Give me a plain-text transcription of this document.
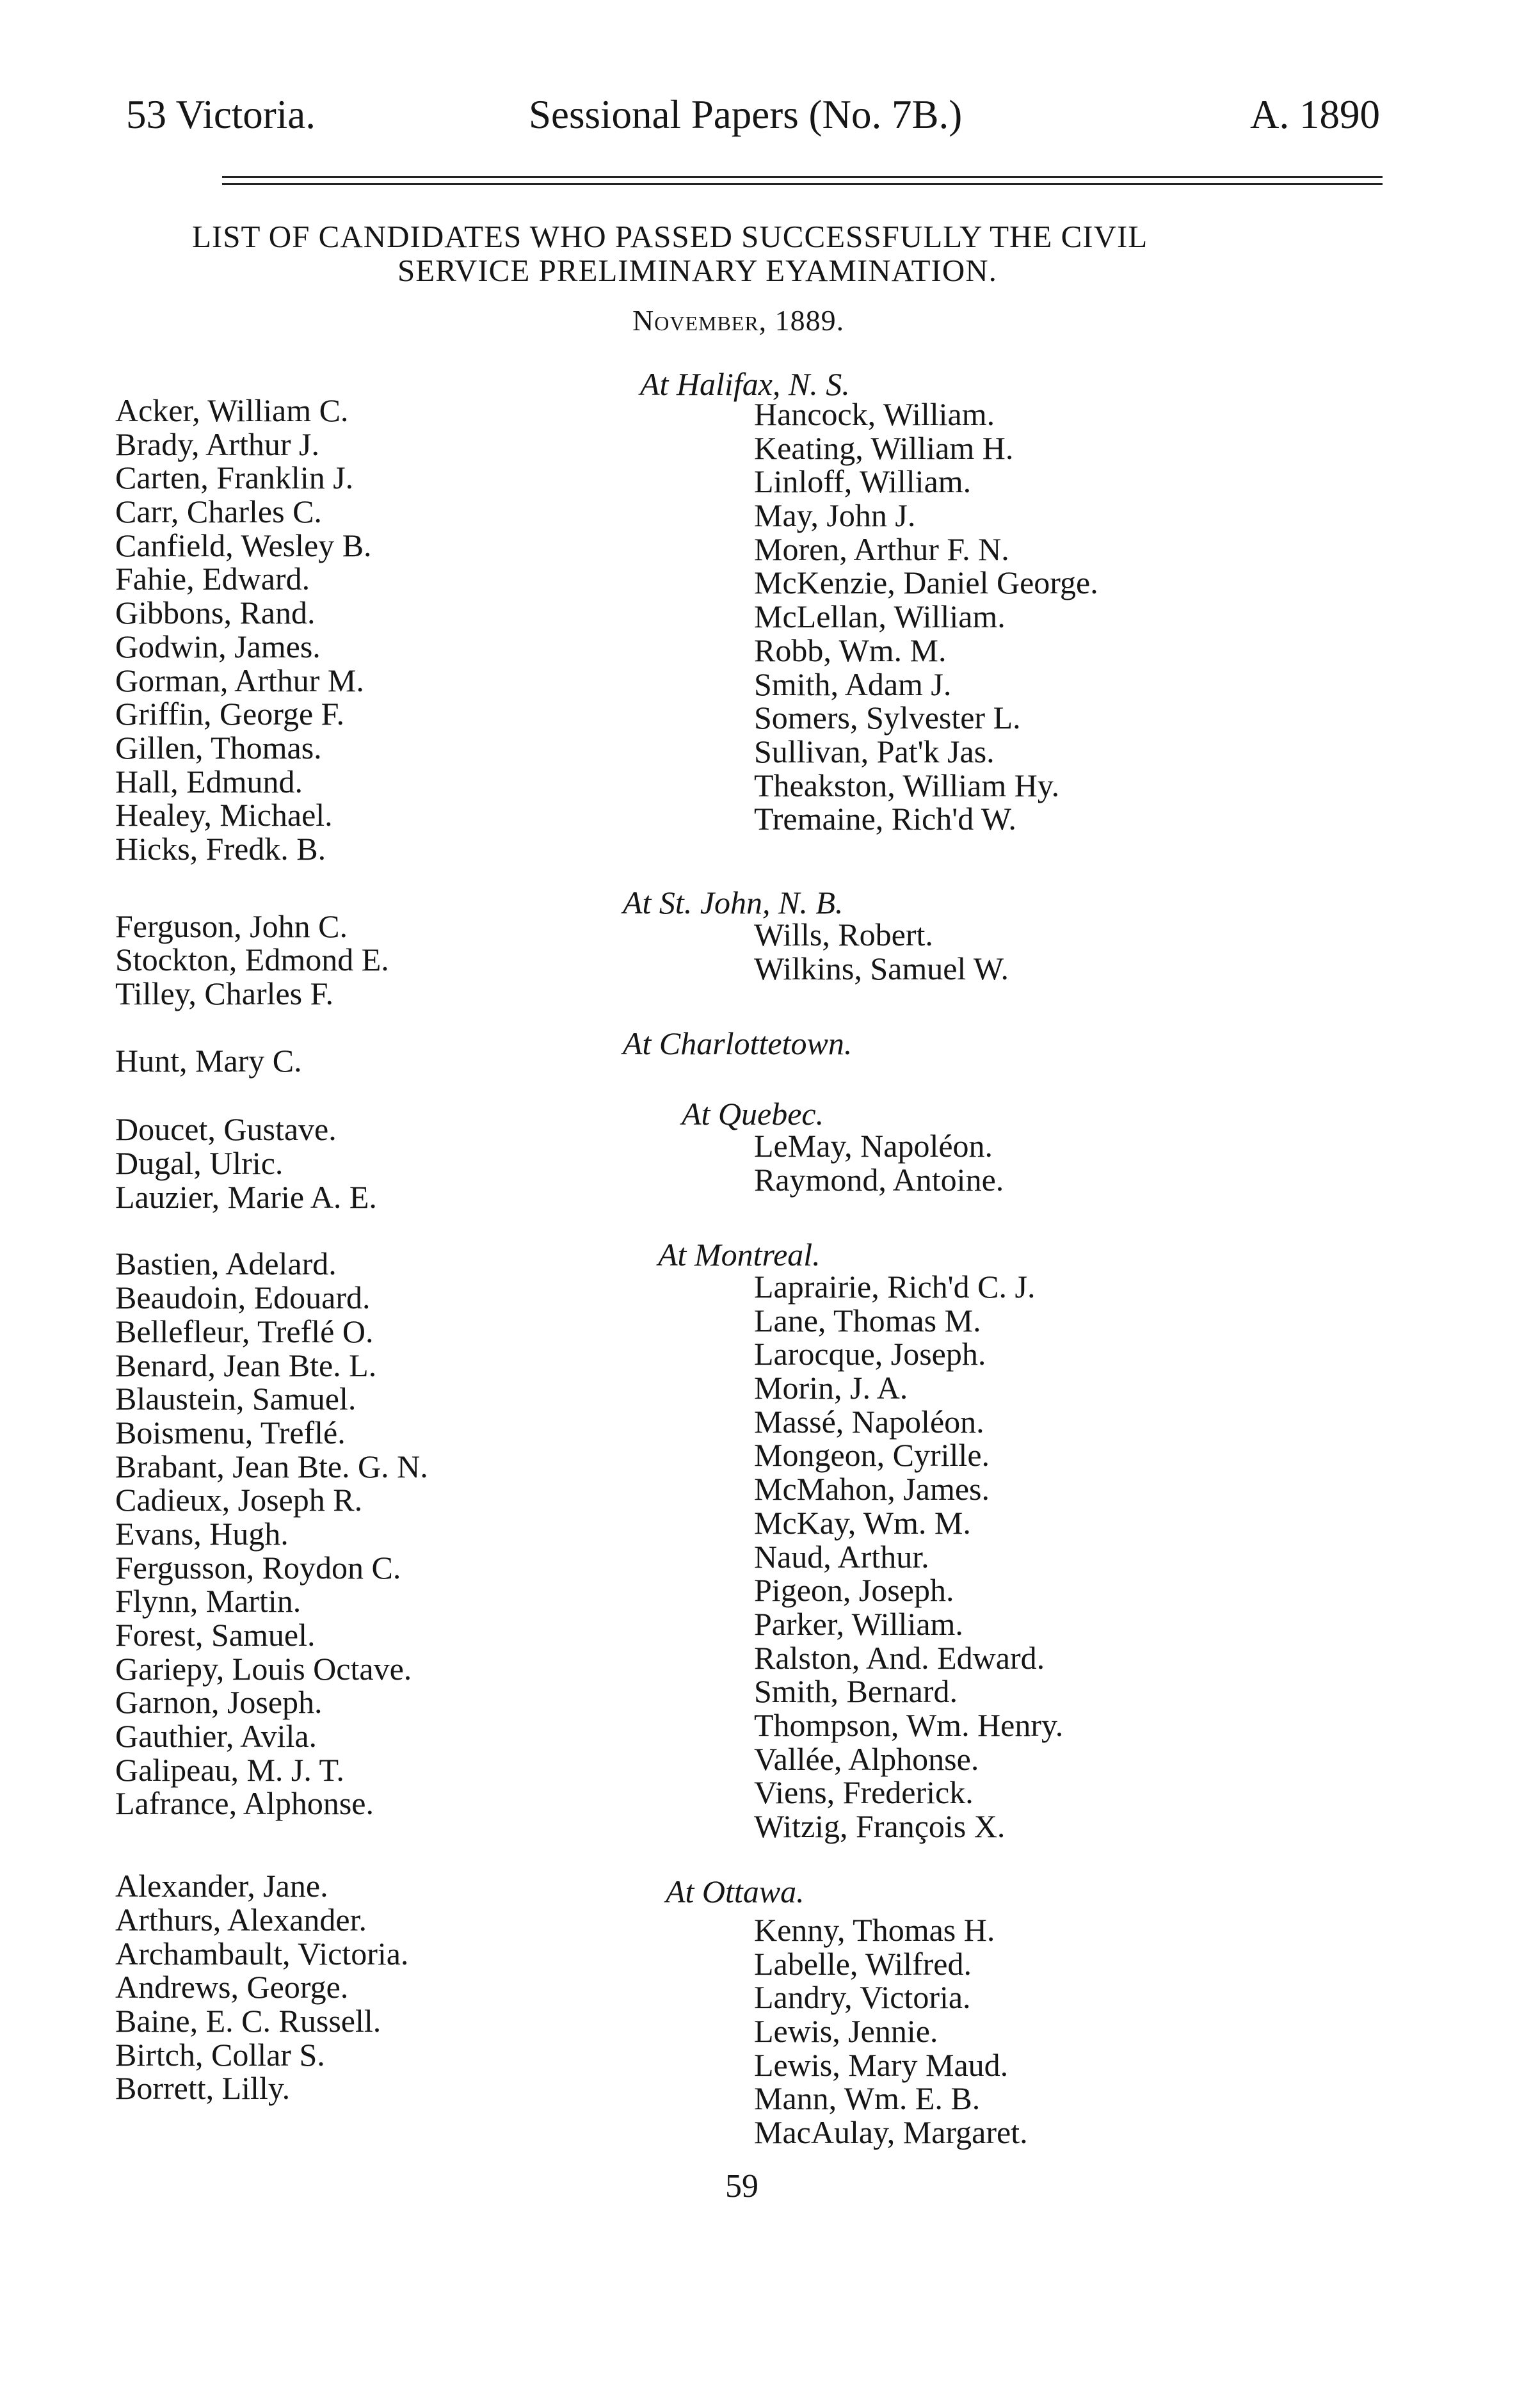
53 Victoria.	Sessional Papers (No. 7B.)	A. 1890
LIST OF CANDIDATES WHO PASSED SUCCESSFULLY THE CIVIL
SERVICE PRELIMINARY EYAMINATION.
November, 1889.
Acker, William C.
Brady, Arthur J.
Carten, Franklin J.
Carr, Charles C.
Canfield, Wesley B.
Fahie, Edward.
Gibbons, Rand.
Godwin, James.
Gorman, Arthur M.
Griffin, George F.
Gillen, Thomas.
Hall, Edmund.
Healey, Michael.
Hicks, Fredk. B.
Ferguson, John C.
Stockton, Edmond E.
Tilley, Charles F.
Hunt, Mary C.
Doucet, Gustave.
Dugal, Ulric.
Lauzier, Marie A. E.
Bastien, Adelard.
Beaudoin, Edouard.
Bellefleur, Treflé O.
Benard, Jean Bte. L.
Blaustein, Samuel.
Boismenu, Treflé.
Brabant, Jean Bte. G. N.
Cadieux, Joseph R.
Evans, Hugh.
Fergusson, Roydon C.
Flynn, Martin.
Forest, Samuel.
Gariepy, Louis Octave.
Garnon, Joseph.
Gauthier, Avila.
Galipeau, M. J. T.
Lafrance, Alphonse.
Alexander, Jane.
Arthurs, Alexander.
Archambault, Victoria.
Andrews, George.
Baine, E. C. Russell.
Birtch, Collar S.
Borrett, Lilly.
At Halifax, N. S.
At St. John, N. B.
At Charlottetown.
At Quebec.
At Montreal.
At Ottawa.
Hancock, William.
Keating, William H.
Linloff, William.
May, John J.
Moren, Arthur F. N.
McKenzie, Daniel George.
McLellan, William.
Robb, Wm. M.
Smith, Adam J.
Somers, Sylvester L.
Sullivan, Pat'k Jas.
Theakston, William Hy.
Tremaine, Rich'd W.
Wills, Robert.
Wilkins, Samuel W.
LeMay, Napoléon.
Raymond, Antoine.
Laprairie, Rich'd C. J.
Lane, Thomas M.
Larocque, Joseph.
Morin, J. A.
Massé, Napoléon.
Mongeon, Cyrille.
McMahon, James.
McKay, Wm. M.
Naud, Arthur.
Pigeon, Joseph.
Parker, William.
Ralston, And. Edward.
Smith, Bernard.
Thompson, Wm. Henry.
Vallée, Alphonse.
Viens, Frederick.
Witzig, François X.
Kenny, Thomas H.
Labelle, Wilfred.
Landry, Victoria.
Lewis, Jennie.
Lewis, Mary Maud.
Mann, Wm. E. B.
MacAulay, Margaret.
59
